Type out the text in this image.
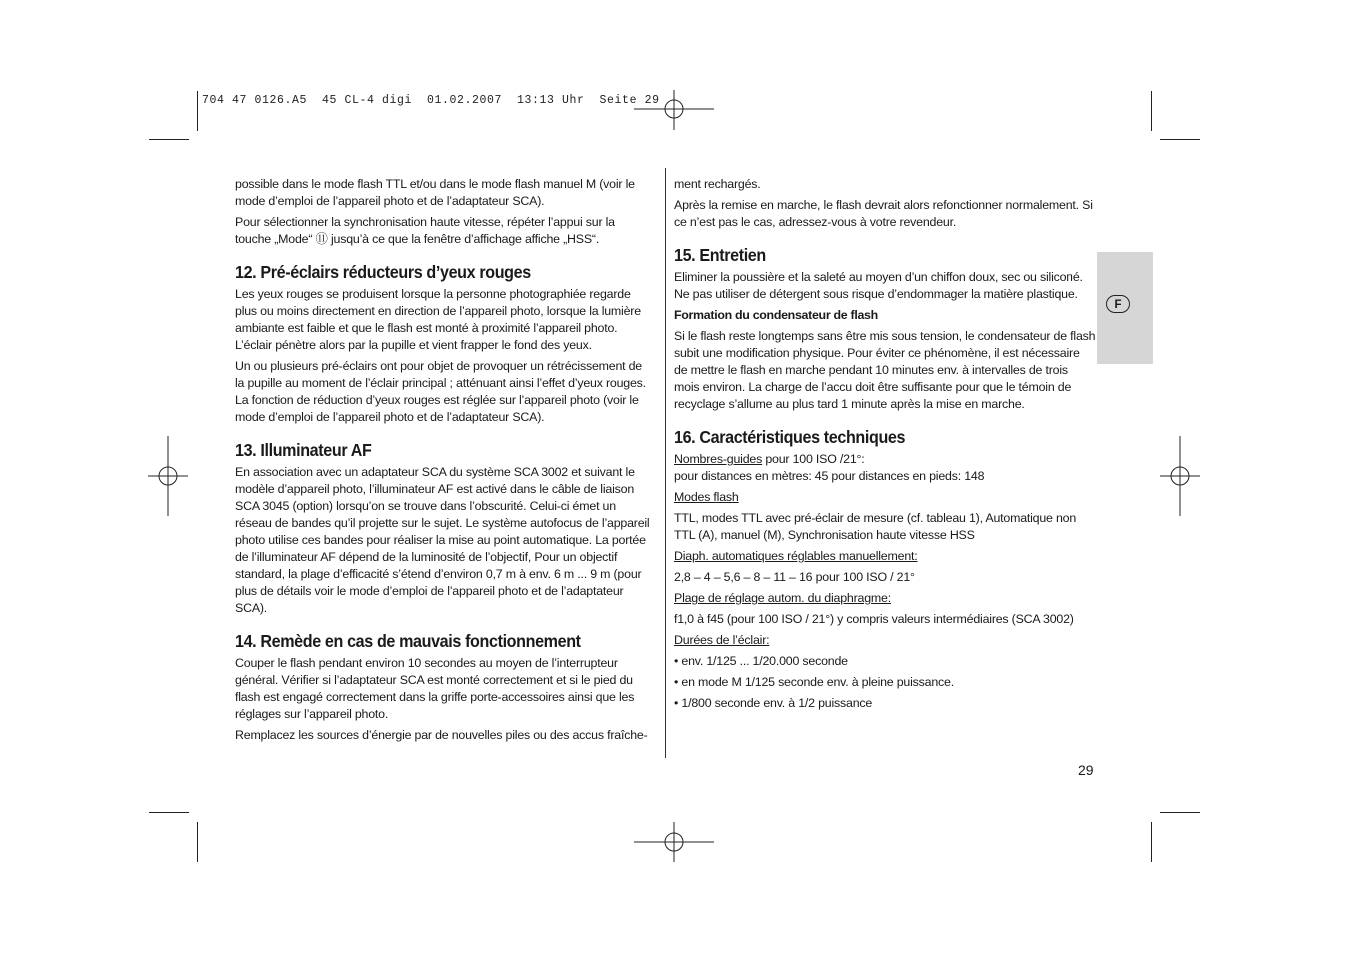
704 47 0126.A5  45 CL-4 digi  01.02.2007  13:13 Uhr  Seite 29
F

possible dans le mode flash TTL et/ou dans le mode flash manuel M (voir le mode d’emploi de l’appareil photo et de l’adaptateur SCA).

Pour sélectionner la synchronisation haute vitesse, répéter l’appui sur la touche „Mode“ ⑪ jusqu’à ce que la fenêtre d’affichage affiche „HSS“.

12. Pré-éclairs réducteurs d’yeux rouges

Les yeux rouges se produisent lorsque la personne photographiée regarde plus ou moins directement en direction de l’appareil photo, lorsque la lumière ambiante est faible et que le flash est monté à proximité l’appareil photo. L’éclair pénètre alors par la pupille et vient frapper le fond des yeux.

Un ou plusieurs pré-éclairs ont pour objet de provoquer un rétrécissement de la pupille au moment de l’éclair principal ; atténuant ainsi l’effet d’yeux rouges. La fonction de réduction d’yeux rouges est réglée sur l’appareil photo (voir le mode d’emploi de l’appareil photo et de l’adaptateur SCA).

13. Illuminateur AF

En association avec un adaptateur SCA du système SCA 3002 et suivant le modèle d’appareil photo, l’illuminateur AF est activé dans le câble de liaison SCA 3045 (option) lorsqu’on se trouve dans l’obscurité. Celui-ci émet un réseau de bandes qu’il projette sur le sujet. Le système autofocus de l’appareil photo utilise ces bandes pour réaliser la mise au point automatique. La portée de l’illuminateur AF dépend de la luminosité de l’objectif, Pour un objectif standard, la plage d’efficacité s’étend d’environ 0,7 m à env. 6 m ... 9 m (pour plus de détails voir le mode d’emploi de l’appareil photo et de l’adaptateur SCA).

14. Remède en cas de mauvais fonctionnement

Couper le flash pendant environ 10 secondes au moyen de l’interrupteur général. Vérifier si l’adaptateur SCA est monté correctement et si le pied du flash est engagé correctement dans la griffe porte-accessoires ainsi que les réglages sur l’appareil photo.

Remplacez les sources d’énergie par de nouvelles piles ou des accus fraîche-

ment rechargés.

Après la remise en marche, le flash devrait alors refonctionner normalement. Si ce n’est pas le cas, adressez-vous à votre revendeur.

15. Entretien

Eliminer la poussière et la saleté au moyen d’un chiffon doux, sec ou silicoпé. Ne pas utiliser de détergent sous risque d’endommager la matière plastique.

Formation du condensateur de flash

Si le flash reste longtemps sans être mis sous tension, le condensateur de flash subit une modification physique. Pour éviter ce phénomène, il est nécessaire de mettre le flash en marche pendant 10 minutes env. à intervalles de trois mois environ. La charge de l’accu doit être suffisante pour que le témoin de recyclage s’allume au plus tard 1 minute après la mise en marche.

16. Caractéristiques techniques

Nombres-guides pour 100 ISO /21°:

pour distances en mètres: 45 pour distances en pieds: 148

Modes flash

TTL, modes TTL avec pré-éclair de mesure (cf. tableau 1), Automatique non TTL (A), manuel (M), Synchronisation haute vitesse HSS

Diaph. automatiques réglables manuellement:

2,8 – 4 – 5,6 – 8 – 11 – 16 pour 100 ISO / 21°

Plage de réglage autom. du diaphragme:

f1,0 à f45 (pour 100 ISO / 21°) y compris valeurs intermédiaires (SCA 3002)

Durées de l’éclair:

• env. 1/125 ... 1/20.000 seconde

• en mode M 1/125 seconde env. à pleine puissance.

• 1/800 seconde env. à 1/2 puissance

29
